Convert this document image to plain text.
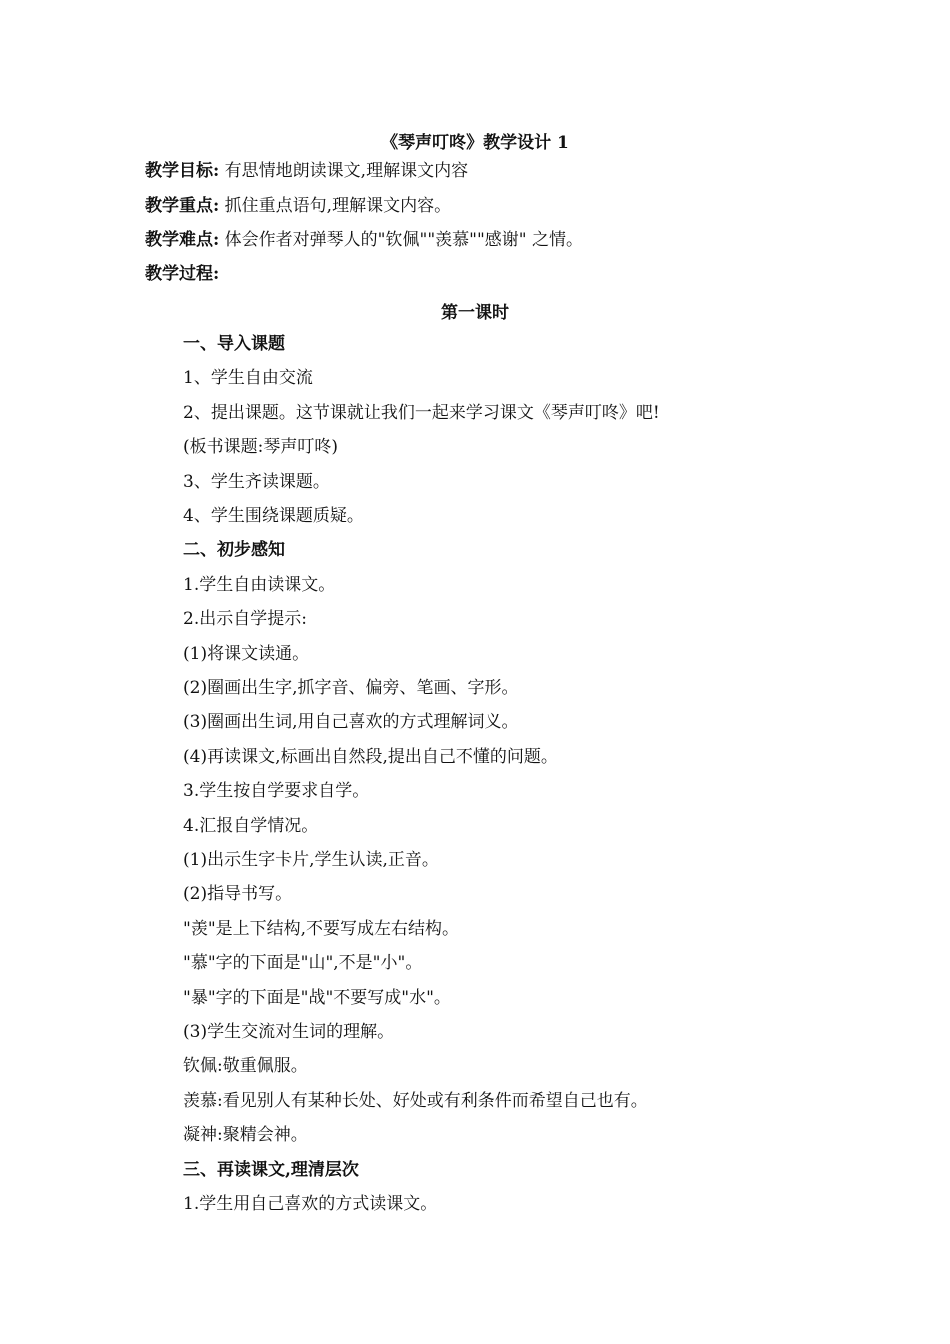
《琴声叮咚》教学设计 1
教学目标: 有思情地朗读课文,理解课文内容
教学重点: 抓住重点语句,理解课文内容。
教学难点: 体会作者对弹琴人的"钦佩""羡慕""感谢" 之情。
教学过程:
第一课时
一、导入课题
1、学生自由交流
2、提出课题。这节课就让我们一起来学习课文《琴声叮咚》吧!
(板书课题:琴声叮咚)
3、学生齐读课题。
4、学生围绕课题质疑。
二、初步感知
1.学生自由读课文。
2.出示自学提示:
(1)将课文读通。
(2)圈画出生字,抓字音、偏旁、笔画、字形。
(3)圈画出生词,用自己喜欢的方式理解词义。
(4)再读课文,标画出自然段,提出自己不懂的问题。
3.学生按自学要求自学。
4.汇报自学情况。
(1)出示生字卡片,学生认读,正音。
(2)指导书写。
"羡"是上下结构,不要写成左右结构。
"慕"字的下面是"山",不是"小"。
"暴"字的下面是"战"不要写成"水"。
(3)学生交流对生词的理解。
钦佩:敬重佩服。
羡慕:看见别人有某种长处、好处或有利条件而希望自己也有。
凝神:聚精会神。
三、再读课文,理清层次
1.学生用自己喜欢的方式读课文。
